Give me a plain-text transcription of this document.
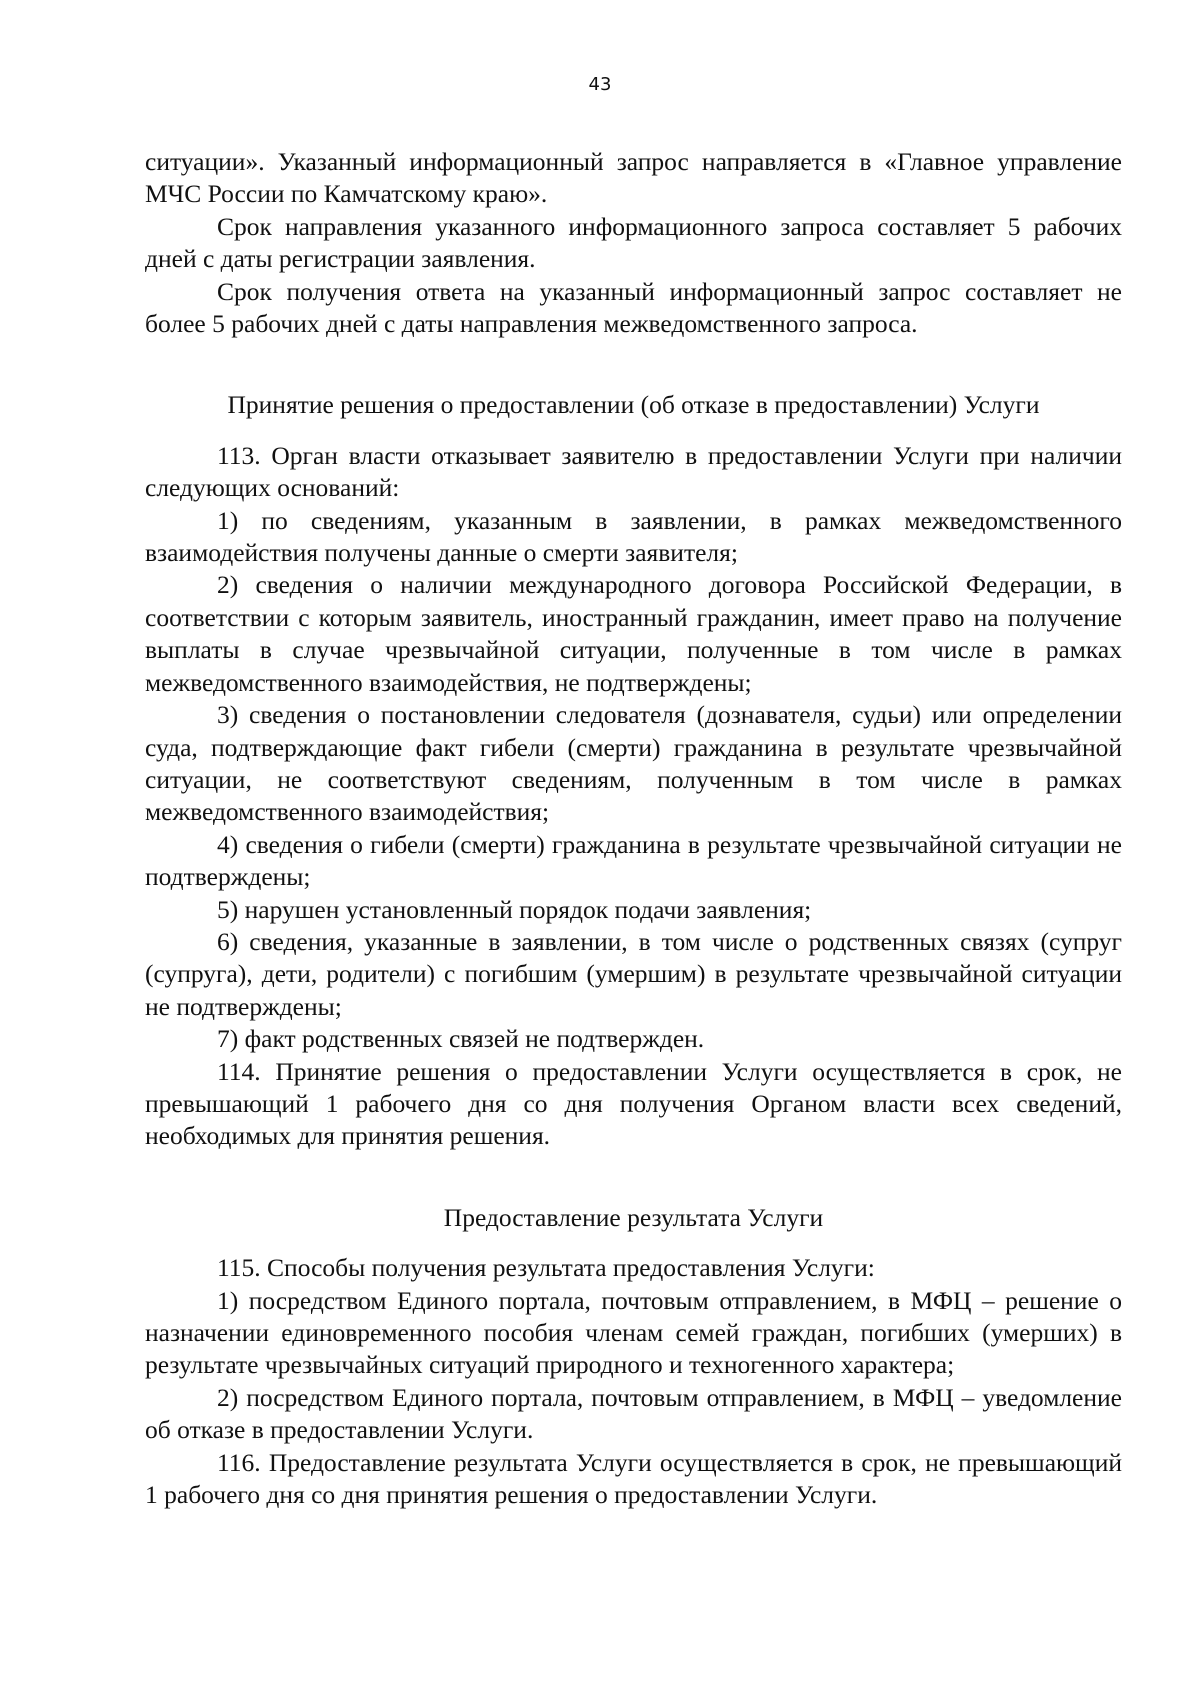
43

ситуации». Указанный информационный запрос направляется в «Главное управление МЧС России по Камчатскому краю».

Срок направления указанного информационного запроса составляет 5 рабочих дней с даты регистрации заявления.

Срок получения ответа на указанный информационный запрос составляет не более 5 рабочих дней с даты направления межведомственного запроса.

Принятие решения о предоставлении (об отказе в предоставлении) Услуги

113. Орган власти отказывает заявителю в предоставлении Услуги при наличии следующих оснований:

1) по сведениям, указанным в заявлении, в рамках межведомственного взаимодействия получены данные о смерти заявителя;

2) сведения о наличии международного договора Российской Федерации, в соответствии с которым заявитель, иностранный гражданин, имеет право на получение выплаты в случае чрезвычайной ситуации, полученные в том числе в рамках межведомственного взаимодействия, не подтверждены;

3) сведения о постановлении следователя (дознавателя, судьи) или определении суда, подтверждающие факт гибели (смерти) гражданина в результате чрезвычайной ситуации, не соответствуют сведениям, полученным в том числе в рамках межведомственного взаимодействия;

4) сведения о гибели (смерти) гражданина в результате чрезвычайной ситуации не подтверждены;

5) нарушен установленный порядок подачи заявления;

6) сведения, указанные в заявлении, в том числе о родственных связях (супруг (супруга), дети, родители) с погибшим (умершим) в результате чрезвычайной ситуации не подтверждены;

7) факт родственных связей не подтвержден.

114. Принятие решения о предоставлении Услуги осуществляется в срок, не превышающий 1 рабочего дня со дня получения Органом власти всех сведений, необходимых для принятия решения.

Предоставление результата Услуги

115. Способы получения результата предоставления Услуги:

1) посредством Единого портала, почтовым отправлением, в МФЦ – решение о назначении единовременного пособия членам семей граждан, погибших (умерших) в результате чрезвычайных ситуаций природного и техногенного характера;

2) посредством Единого портала, почтовым отправлением, в МФЦ – уведомление об отказе в предоставлении Услуги.

116. Предоставление результата Услуги осуществляется в срок, не превышающий 1 рабочего дня со дня принятия решения о предоставлении Услуги.
